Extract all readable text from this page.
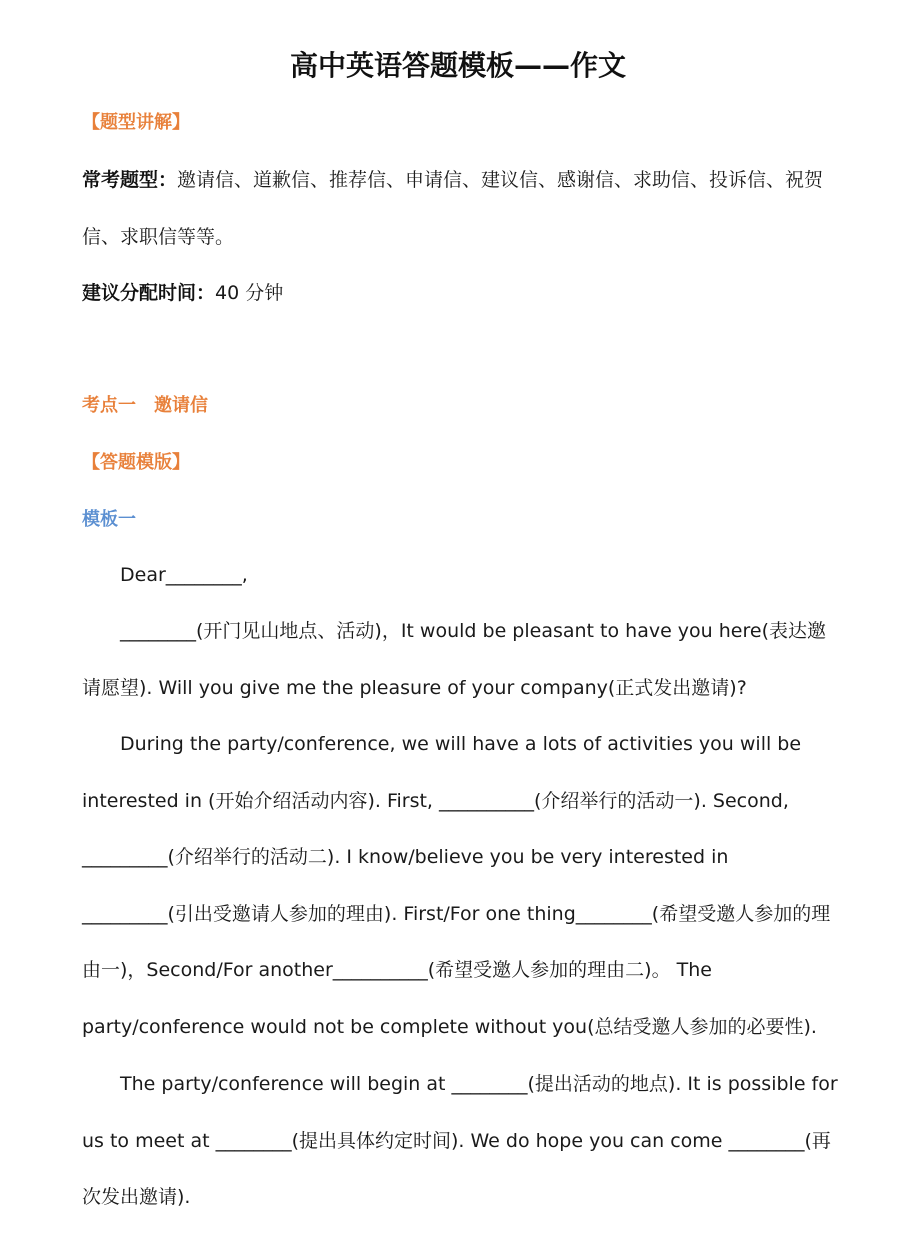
高中英语答题模板——作文
【题型讲解】
常考题型：邀请信、道歉信、推荐信、申请信、建议信、感谢信、求助信、投诉信、祝贺
信、求职信等等。
建议分配时间：40 分钟
考点一　邀请信
【答题模版】
模板一
Dear________,

________(开门见山地点、活动)，It would be pleasant to have you here(表达邀请愿望). Will you give me the pleasure of your company(正式发出邀请)?

During the party/conference, we will have a lots of activities you will be interested in (开始介绍活动内容). First, __________(介绍举行的活动一). Second, _________(介绍举行的活动二). I know/believe you be very interested in _________(引出受邀请人参加的理由). First/For one thing________(希望受邀人参加的理由一)，Second/For another__________(希望受邀人参加的理由二)。 The party/conference would not be complete without you(总结受邀人参加的必要性).

The party/conference will begin at ________(提出活动的地点). It is possible for us to meet at ________(提出具体约定时间). We do hope you can come ________(再次发出邀请).
